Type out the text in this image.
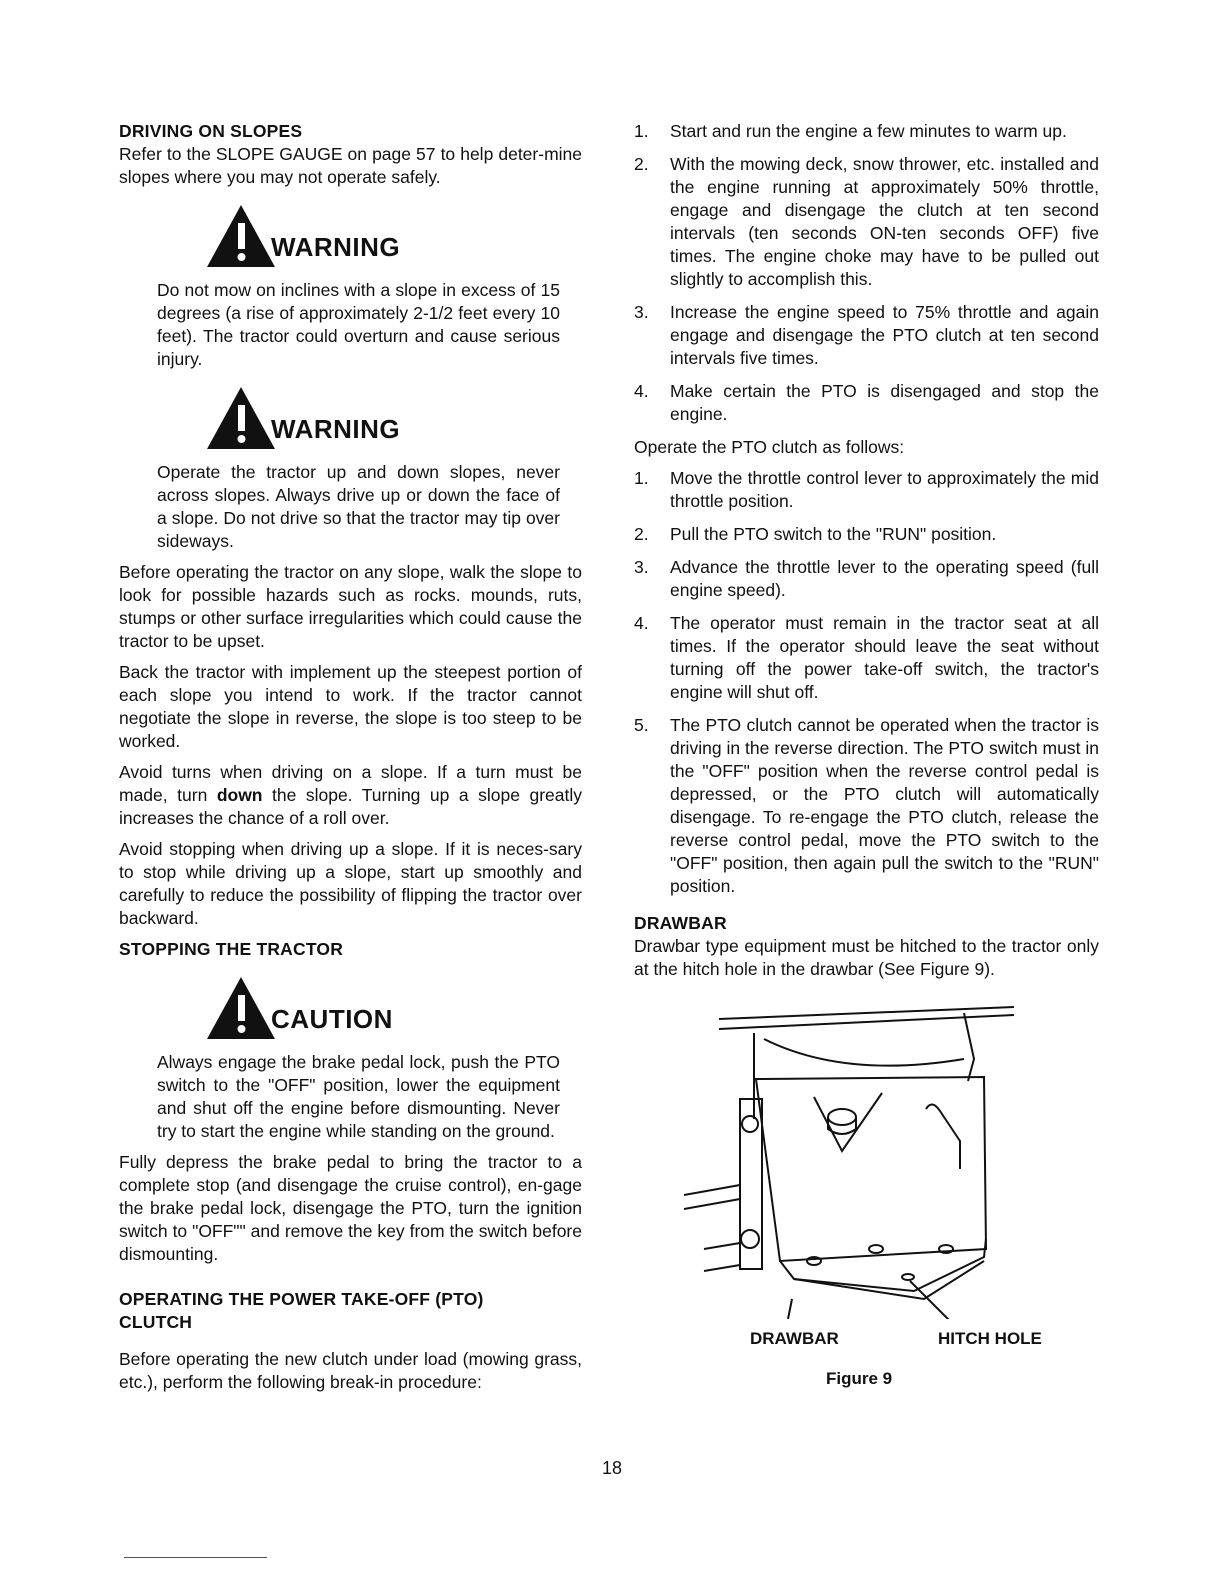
DRIVING ON SLOPES

Refer to the SLOPE GAUGE on page 57 to help deter-mine slopes where you may not operate safely.

WARNING

Do not mow on inclines with a slope in excess of 15 degrees (a rise of approximately 2-1/2 feet every 10 feet). The tractor could overturn and cause serious injury.

WARNING

Operate the tractor up and down slopes, never across slopes. Always drive up or down the face of a slope. Do not drive so that the tractor may tip over sideways.

Before operating the tractor on any slope, walk the slope to look for possible hazards such as rocks. mounds, ruts, stumps or other surface irregularities which could cause the tractor to be upset.

Back the tractor with implement up the steepest portion of each slope you intend to work. If the tractor cannot negotiate the slope in reverse, the slope is too steep to be worked.

Avoid turns when driving on a slope. If a turn must be made, turn down the slope. Turning up a slope greatly increases the chance of a roll over.

Avoid stopping when driving up a slope. If it is neces-sary to stop while driving up a slope, start up smoothly and carefully to reduce the possibility of flipping the tractor over backward.

STOPPING THE TRACTOR

CAUTION

Always engage the brake pedal lock, push the PTO switch to the "OFF" position, lower the equipment and shut off the engine before dismounting. Never try to start the engine while standing on the ground.

Fully depress the brake pedal to bring the tractor to a complete stop (and disengage the cruise control), en-gage the brake pedal lock, disengage the PTO, turn the ignition switch to "OFF"" and remove the key from the switch before dismounting.

OPERATING THE POWER TAKE-OFF (PTO) CLUTCH

Before operating the new clutch under load (mowing grass, etc.), perform the following break-in procedure:

1.	Start and run the engine a few minutes to warm up.
2.	With the mowing deck, snow thrower, etc. installed and the engine running at approximately 50% throttle, engage and disengage the clutch at ten second intervals (ten seconds ON-ten seconds OFF) five times. The engine choke may have to be pulled out slightly to accomplish this.
3.	Increase the engine speed to 75% throttle and again engage and disengage the PTO clutch at ten second intervals five times.
4.	Make certain the PTO is disengaged and stop the engine.

Operate the PTO clutch as follows:

1.	Move the throttle control lever to approximately the mid throttle position.
2.	Pull the PTO switch to the "RUN" position.
3.	Advance the throttle lever to the operating speed (full engine speed).
4.	The operator must remain in the tractor seat at all times. If the operator should leave the seat without turning off the power take-off switch, the tractor's engine will shut off.
5.	The PTO clutch cannot be operated when the tractor is driving in the reverse direction. The PTO switch must in the "OFF" position when the reverse control pedal is depressed, or the PTO clutch will automatically disengage. To re-engage the PTO clutch, release the reverse control pedal, move the PTO switch to the "OFF" position, then again pull the switch to the "RUN" position.

DRAWBAR

Drawbar type equipment must be hitched to the tractor only at the hitch hole in the drawbar (See Figure 9).

DRAWBAR	HITCH HOLE
Figure 9
18
